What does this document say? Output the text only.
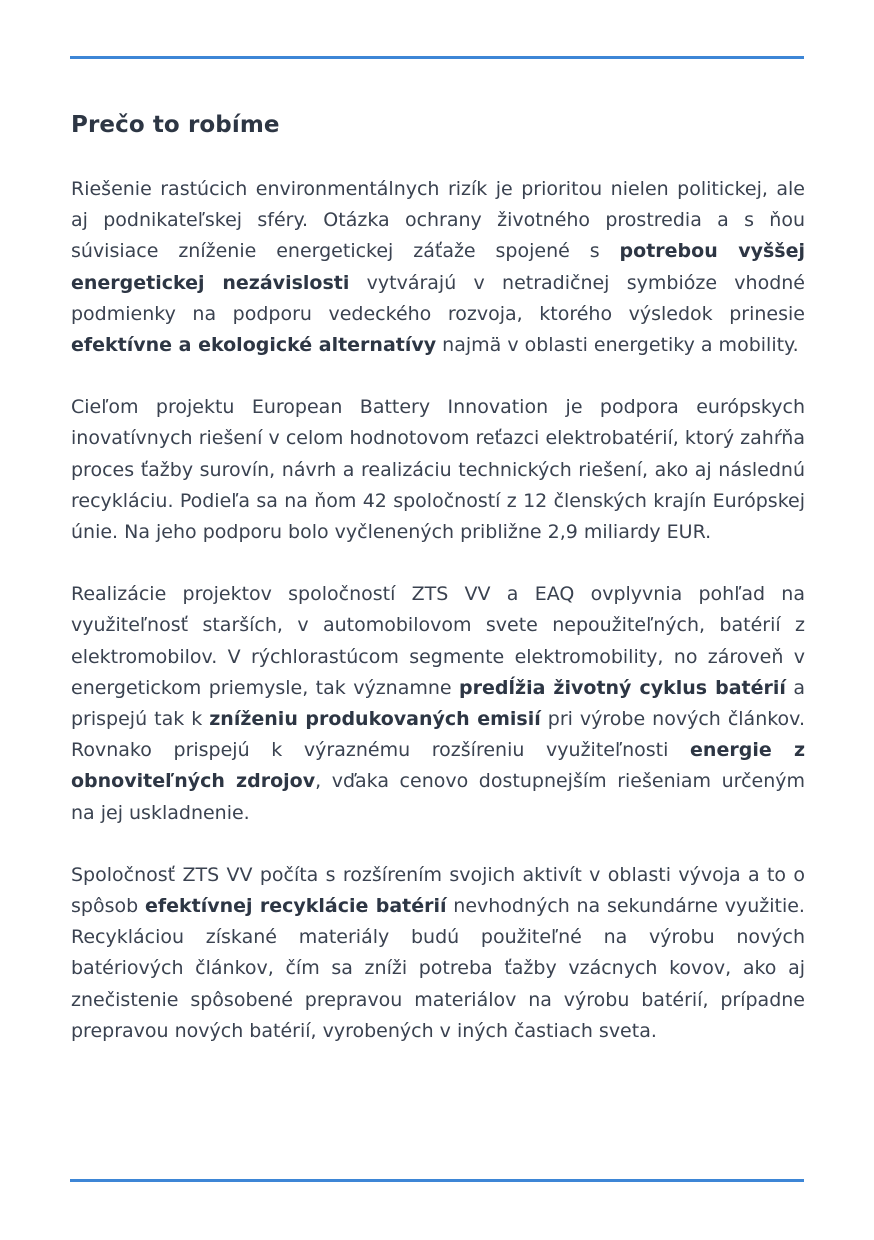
Prečo to robíme

Riešenie rastúcich environmentálnych rizík je prioritou nielen politickej, ale aj podnikateľskej sféry. Otázka ochrany životného prostredia a s ňou súvisiace zníženie energetickej záťaže spojené s potrebou vyššej energetickej nezávislosti vytvárajú v netradičnej symbióze vhodné podmienky na podporu vedeckého rozvoja, ktorého výsledok prinesie efektívne a ekologické alternatívy najmä v oblasti energetiky a mobility.

Cieľom projektu European Battery Innovation je podpora európskych inovatívnych riešení v celom hodnotovom reťazci elektrobatérií, ktorý zahŕňa proces ťažby surovín, návrh a realizáciu technických riešení, ako aj následnú recykláciu. Podieľa sa na ňom 42 spoločností z 12 členských krajín Európskej únie. Na jeho podporu bolo vyčlenených približne 2,9 miliardy EUR.

Realizácie projektov spoločností ZTS VV a EAQ ovplyvnia pohľad na využiteľnosť starších, v automobilovom svete nepoužiteľných, batérií z elektromobilov. V rýchlorastúcom segmente elektromobility, no zároveň v energetickom priemysle, tak významne predĺžia životný cyklus batérií a prispejú tak k zníženiu produkovaných emisií pri výrobe nových článkov. Rovnako prispejú k výraznému rozšíreniu využiteľnosti energie z obnoviteľných zdrojov, vďaka cenovo dostupnejším riešeniam určeným na jej uskladnenie.

Spoločnosť ZTS VV počíta s rozšírením svojich aktivít v oblasti vývoja a to o spôsob efektívnej recyklácie batérií nevhodných na sekundárne využitie. Recykláciou získané materiály budú použiteľné na výrobu nových batériových článkov, čím sa zníži potreba ťažby vzácnych kovov, ako aj znečistenie spôsobené prepravou materiálov na výrobu batérií, prípadne prepravou nových batérií, vyrobených v iných častiach sveta.
